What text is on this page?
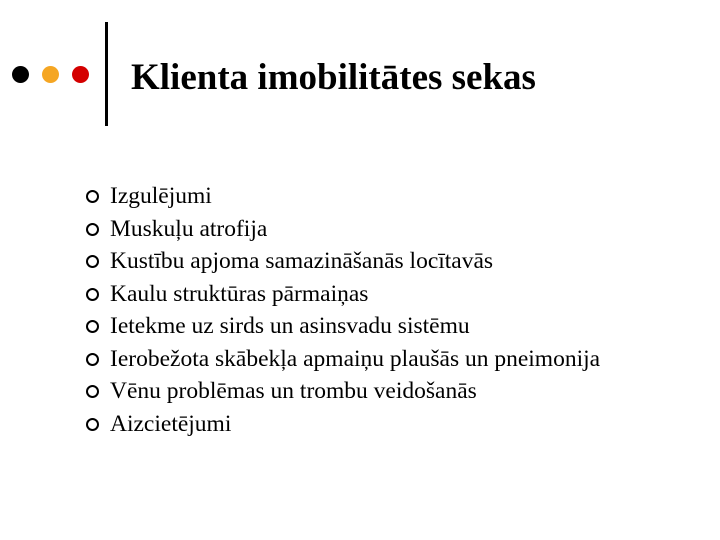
Klienta imobilitātes sekas
Izgulējumi
Muskuļu atrofija
Kustību apjoma samazināšanās locītavās
Kaulu struktūras pārmaiņas
Ietekme uz sirds un asinsvadu sistēmu
Ierobežota skābekļa apmaiņu plaušās un pneimonija
Vēnu problēmas un trombu veidošanās
Aizcietējumi
